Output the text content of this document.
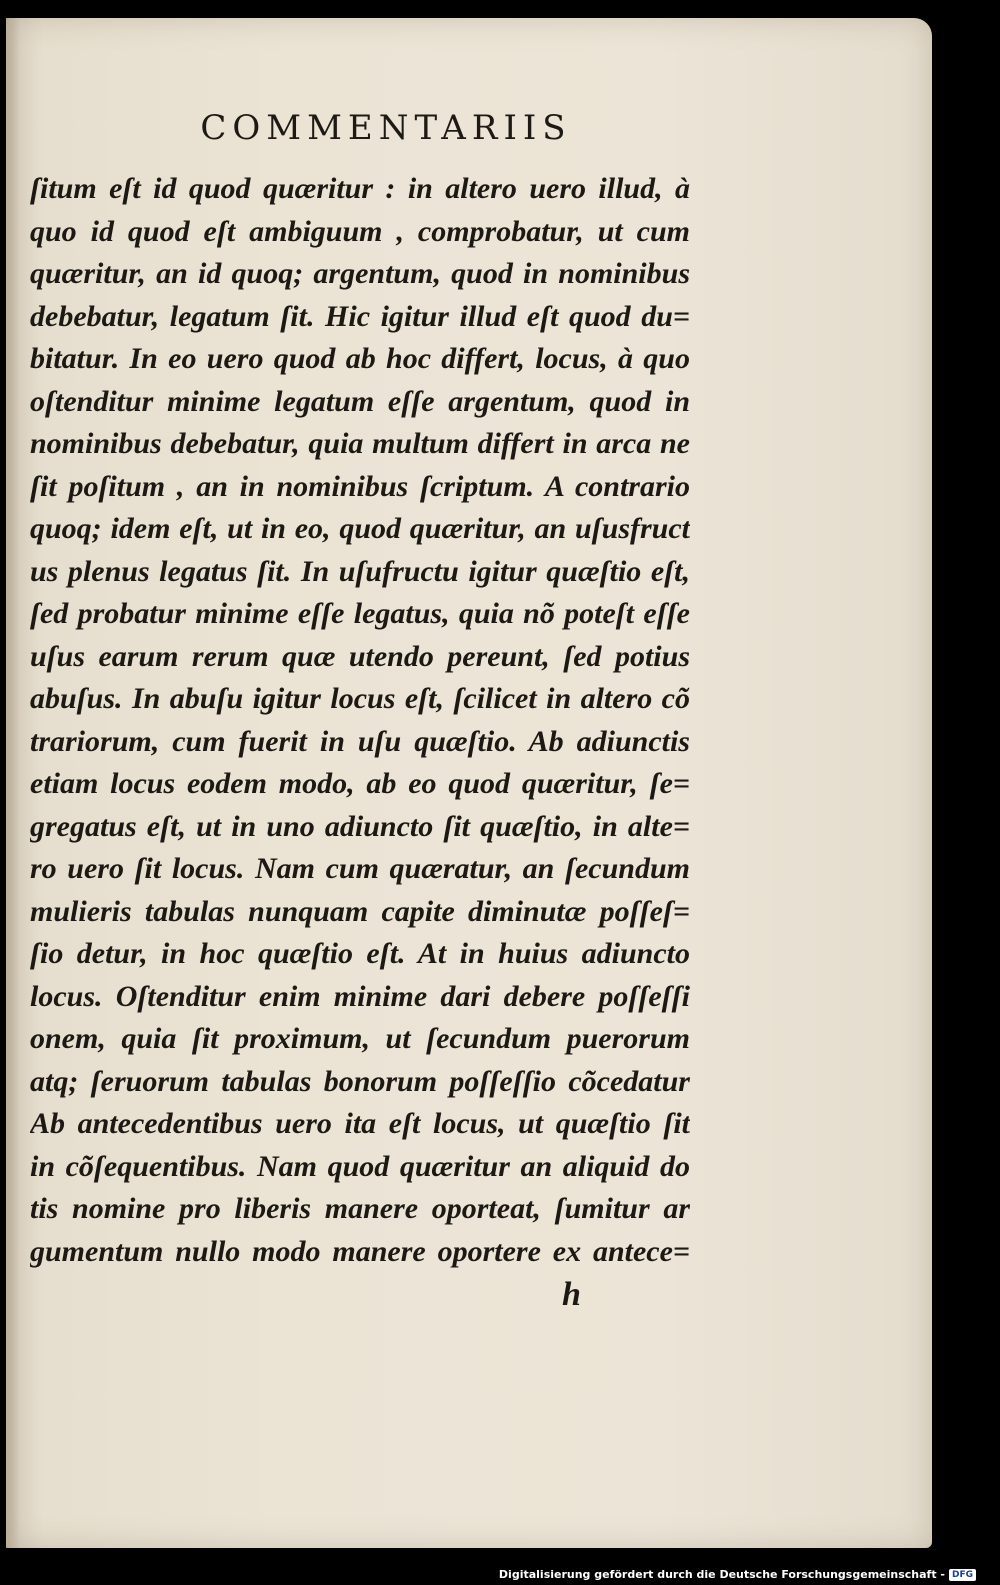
COMMENTARIIS
ſitum eſt id quod quæritur : in altero uero illud, à
quo id quod eſt ambiguum , comprobatur, ut cum
quæritur, an id quoq; argentum, quod in nominibus
debebatur, legatum ſit. Hic igitur illud eſt quod du=
bitatur. In eo uero quod ab hoc differt, locus, à quo
oſtenditur minime legatum eſſe argentum, quod in
nominibus debebatur, quia multum differt in arca ne
ſit poſitum , an in nominibus ſcriptum. A contrario
quoq; idem eſt, ut in eo, quod quæritur, an uſusfruct
us plenus legatus ſit. In uſufructu igitur quæſtio eſt,
ſed probatur minime eſſe legatus, quia nõ poteſt eſſe
uſus earum rerum quæ utendo pereunt, ſed potius
abuſus. In abuſu igitur locus eſt, ſcilicet in altero cõ
trariorum, cum fuerit in uſu quæſtio. Ab adiunctis
etiam locus eodem modo, ab eo quod quæritur, ſe=
gregatus eſt, ut in uno adiuncto ſit quæſtio, in alte=
ro uero ſit locus. Nam cum quæratur, an ſecundum
mulieris tabulas nunquam capite diminutæ poſſeſ=
ſio detur, in hoc quæſtio eſt. At in huius adiuncto
locus. Oſtenditur enim minime dari debere poſſeſſi
onem, quia ſit proximum, ut ſecundum puerorum
atq; ſeruorum tabulas bonorum poſſeſſio cõcedatur
Ab antecedentibus uero ita eſt locus, ut quæſtio ſit
in cõſequentibus. Nam quod quæritur an aliquid do
tis nomine pro liberis manere oporteat, ſumitur ar
gumentum nullo modo manere oportere ex antece=
h
Digitalisierung gefördert durch die Deutsche Forschungsgemeinschaft - DFG
